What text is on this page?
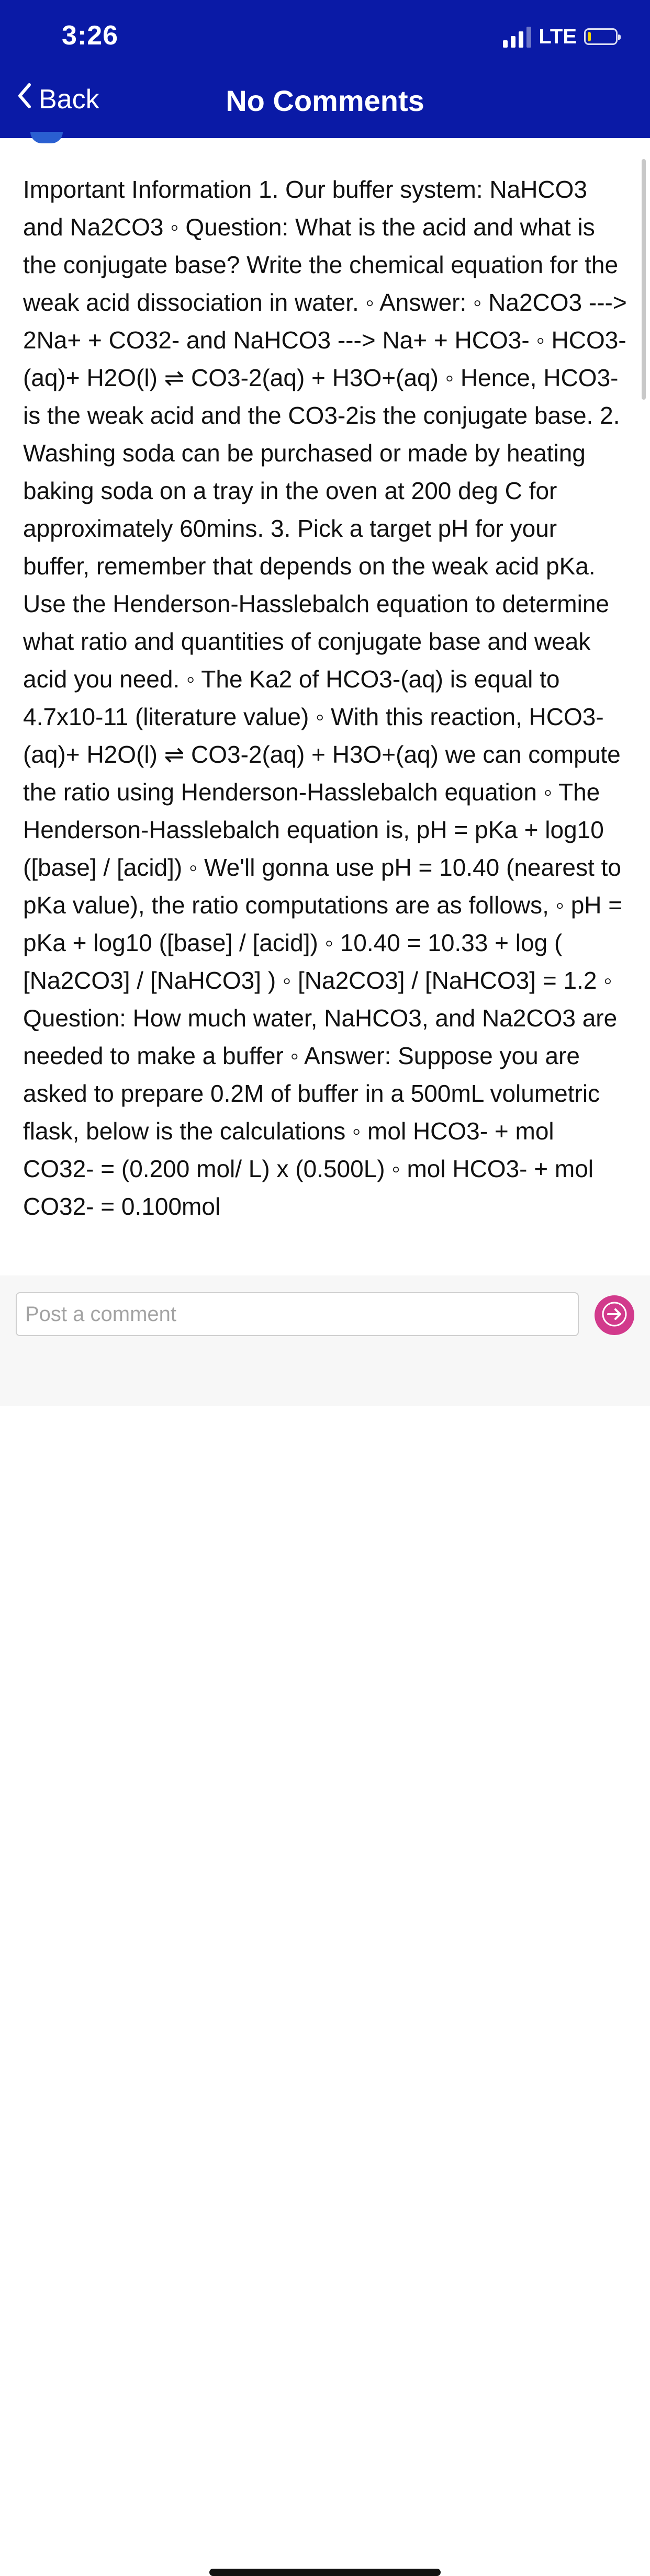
3:26	LTE
Back	No Comments

Important Information 1. Our buffer system: NaHCO3 and Na2CO3 ◦ Question: What is the acid and what is the conjugate base? Write the chemical equation for the weak acid dissociation in water. ◦ Answer: ◦ Na2CO3 ---> 2Na+ + CO32- and NaHCO3 ---> Na+ + HCO3- ◦ HCO3-(aq)+ H2O(l) ⇌ CO3-2(aq) + H3O+(aq) ◦ Hence, HCO3- is the weak acid and the CO3-2is the conjugate base. 2. Washing soda can be purchased or made by heating baking soda on a tray in the oven at 200 deg C for approximately 60mins. 3. Pick a target pH for your buffer, remember that depends on the weak acid pKa. Use the Henderson-Hasslebalch equation to determine what ratio and quantities of conjugate base and weak acid you need. ◦ The Ka2 of HCO3-(aq) is equal to 4.7x10-11 (literature value) ◦ With this reaction, HCO3-(aq)+ H2O(l) ⇌ CO3-2(aq) + H3O+(aq) we can compute the ratio using Henderson-Hasslebalch equation ◦ The Henderson-Hasslebalch equation is, pH = pKa + log10 ([base] / [acid]) ◦ We'll gonna use pH = 10.40 (nearest to pKa value), the ratio computations are as follows, ◦ pH = pKa + log10 ([base] / [acid]) ◦ 10.40 = 10.33 + log ( [Na2CO3] / [NaHCO3] ) ◦ [Na2CO3] / [NaHCO3] = 1.2 ◦ Question: How much water, NaHCO3, and Na2CO3 are needed to make a buffer ◦ Answer: Suppose you are asked to prepare 0.2M of buffer in a 500mL volumetric flask, below is the calculations ◦ mol HCO3- + mol CO32- = (0.200 mol/ L) x (0.500L) ◦ mol HCO3- + mol CO32- = 0.100mol

Post a comment
